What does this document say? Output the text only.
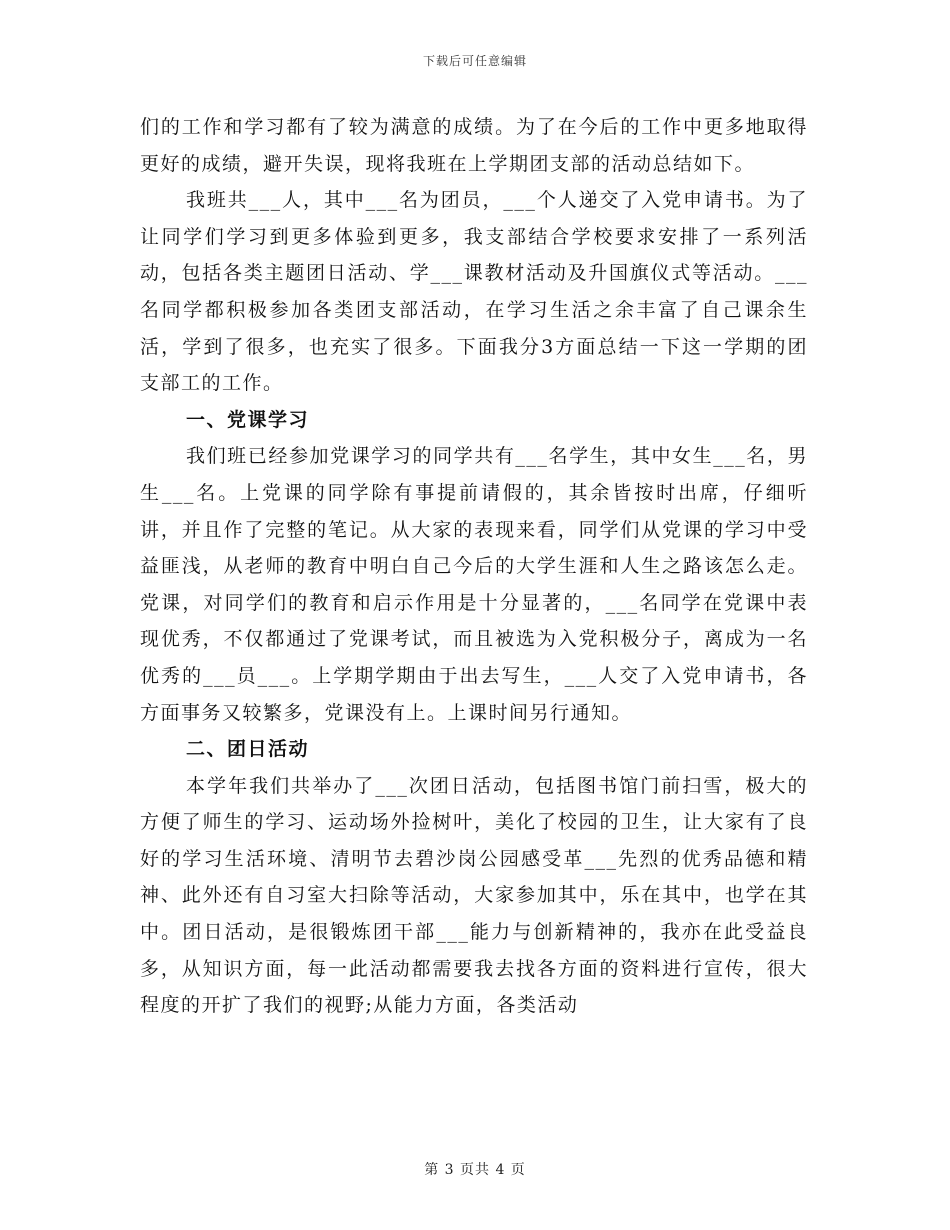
下载后可任意编辑

们的工作和学习都有了较为满意的成绩。为了在今后的工作中更多地取得更好的成绩，避开失误，现将我班在上学期团支部的活动总结如下。

我班共___人，其中___名为团员，___个人递交了入党申请书。为了让同学们学习到更多体验到更多，我支部结合学校要求安排了一系列活动，包括各类主题团日活动、学___课教材活动及升国旗仪式等活动。___名同学都积极参加各类团支部活动，在学习生活之余丰富了自己课余生活，学到了很多，也充实了很多。下面我分3方面总结一下这一学期的团支部工的工作。

一、党课学习

我们班已经参加党课学习的同学共有___名学生，其中女生___名，男生___名。上党课的同学除有事提前请假的，其余皆按时出席，仔细听讲，并且作了完整的笔记。从大家的表现来看，同学们从党课的学习中受益匪浅，从老师的教育中明白自己今后的大学生涯和人生之路该怎么走。党课，对同学们的教育和启示作用是十分显著的，___名同学在党课中表现优秀，不仅都通过了党课考试，而且被选为入党积极分子，离成为一名优秀的___员___。上学期学期由于出去写生，___人交了入党申请书，各方面事务又较繁多，党课没有上。上课时间另行通知。

二、团日活动

本学年我们共举办了___次团日活动，包括图书馆门前扫雪，极大的方便了师生的学习、运动场外捡树叶，美化了校园的卫生，让大家有了良好的学习生活环境、清明节去碧沙岗公园感受革___先烈的优秀品德和精神、此外还有自习室大扫除等活动，大家参加其中，乐在其中，也学在其中。团日活动，是很锻炼团干部___能力与创新精神的，我亦在此受益良多，从知识方面，每一此活动都需要我去找各方面的资料进行宣传，很大程度的开扩了我们的视野;从能力方面，各类活动

第 3 页共 4 页
